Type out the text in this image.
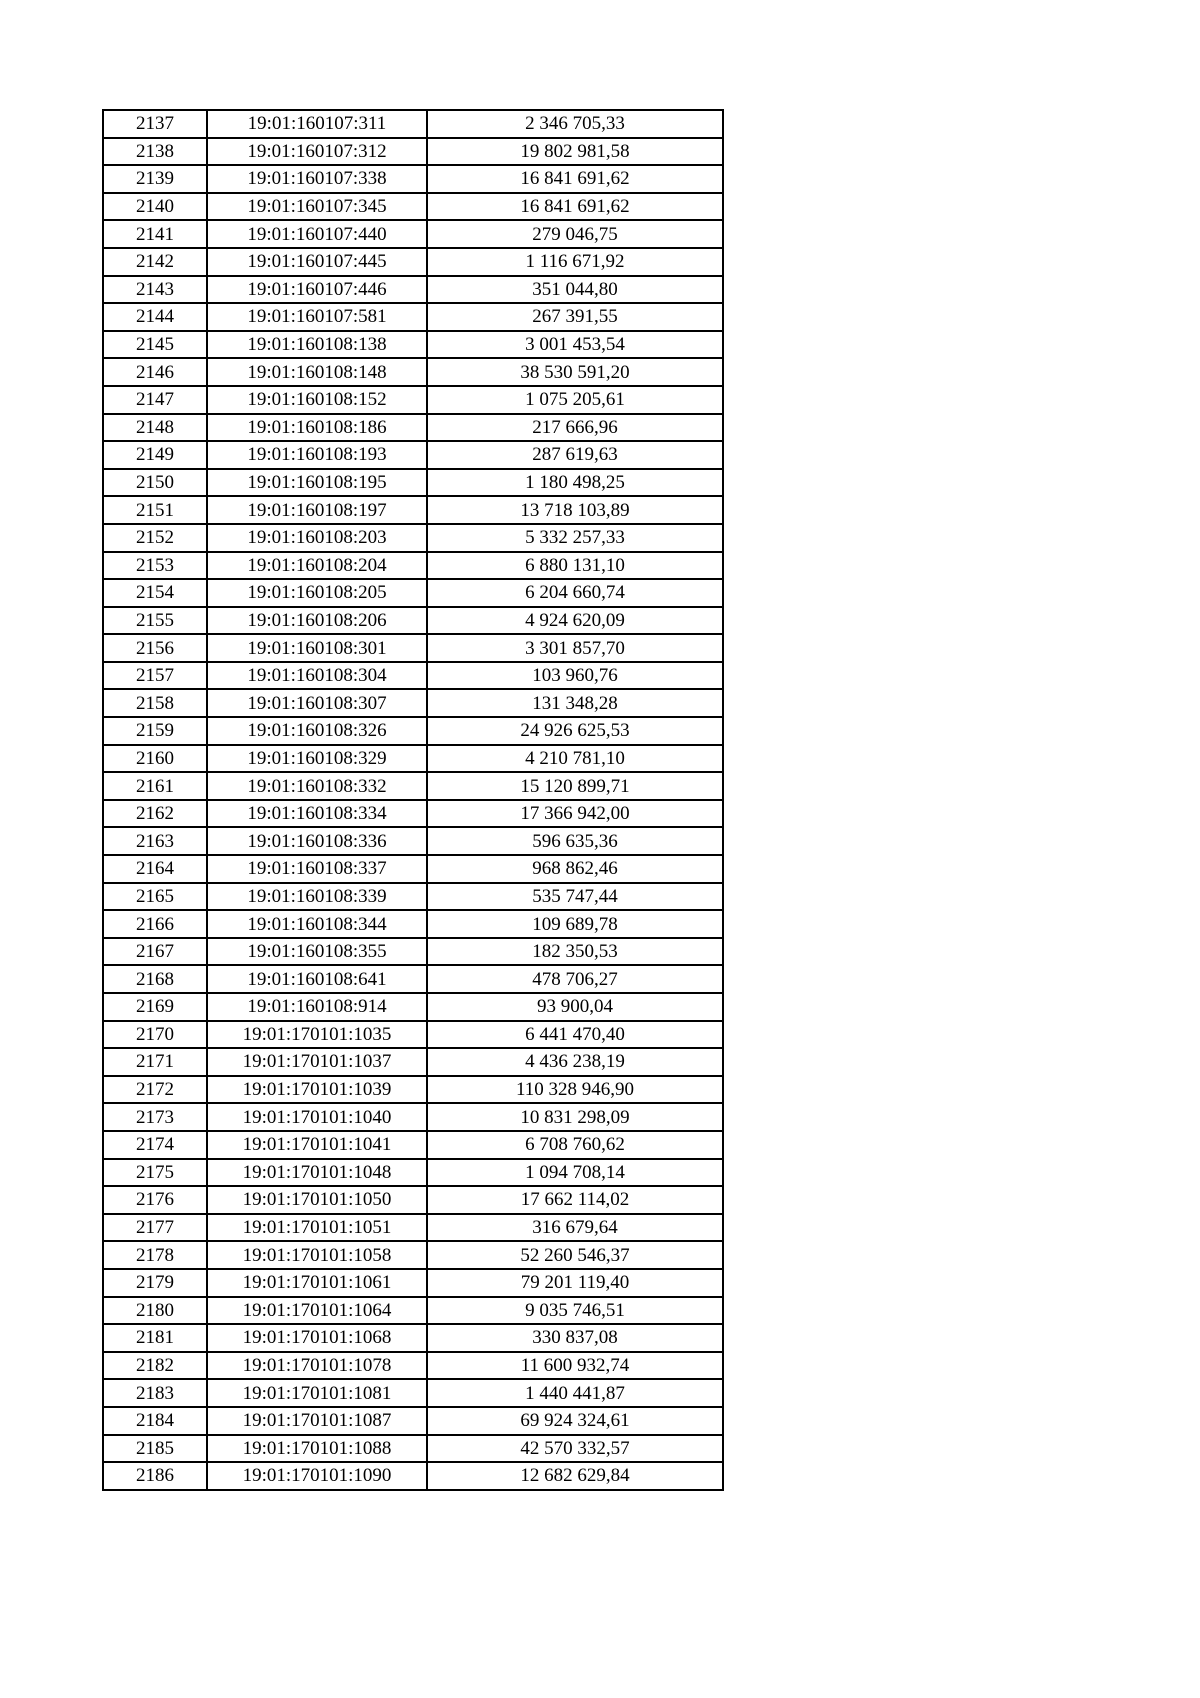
2137	19:01:160107:311	2 346 705,33
2138	19:01:160107:312	19 802 981,58
2139	19:01:160107:338	16 841 691,62
2140	19:01:160107:345	16 841 691,62
2141	19:01:160107:440	279 046,75
2142	19:01:160107:445	1 116 671,92
2143	19:01:160107:446	351 044,80
2144	19:01:160107:581	267 391,55
2145	19:01:160108:138	3 001 453,54
2146	19:01:160108:148	38 530 591,20
2147	19:01:160108:152	1 075 205,61
2148	19:01:160108:186	217 666,96
2149	19:01:160108:193	287 619,63
2150	19:01:160108:195	1 180 498,25
2151	19:01:160108:197	13 718 103,89
2152	19:01:160108:203	5 332 257,33
2153	19:01:160108:204	6 880 131,10
2154	19:01:160108:205	6 204 660,74
2155	19:01:160108:206	4 924 620,09
2156	19:01:160108:301	3 301 857,70
2157	19:01:160108:304	103 960,76
2158	19:01:160108:307	131 348,28
2159	19:01:160108:326	24 926 625,53
2160	19:01:160108:329	4 210 781,10
2161	19:01:160108:332	15 120 899,71
2162	19:01:160108:334	17 366 942,00
2163	19:01:160108:336	596 635,36
2164	19:01:160108:337	968 862,46
2165	19:01:160108:339	535 747,44
2166	19:01:160108:344	109 689,78
2167	19:01:160108:355	182 350,53
2168	19:01:160108:641	478 706,27
2169	19:01:160108:914	93 900,04
2170	19:01:170101:1035	6 441 470,40
2171	19:01:170101:1037	4 436 238,19
2172	19:01:170101:1039	110 328 946,90
2173	19:01:170101:1040	10 831 298,09
2174	19:01:170101:1041	6 708 760,62
2175	19:01:170101:1048	1 094 708,14
2176	19:01:170101:1050	17 662 114,02
2177	19:01:170101:1051	316 679,64
2178	19:01:170101:1058	52 260 546,37
2179	19:01:170101:1061	79 201 119,40
2180	19:01:170101:1064	9 035 746,51
2181	19:01:170101:1068	330 837,08
2182	19:01:170101:1078	11 600 932,74
2183	19:01:170101:1081	1 440 441,87
2184	19:01:170101:1087	69 924 324,61
2185	19:01:170101:1088	42 570 332,57
2186	19:01:170101:1090	12 682 629,84
